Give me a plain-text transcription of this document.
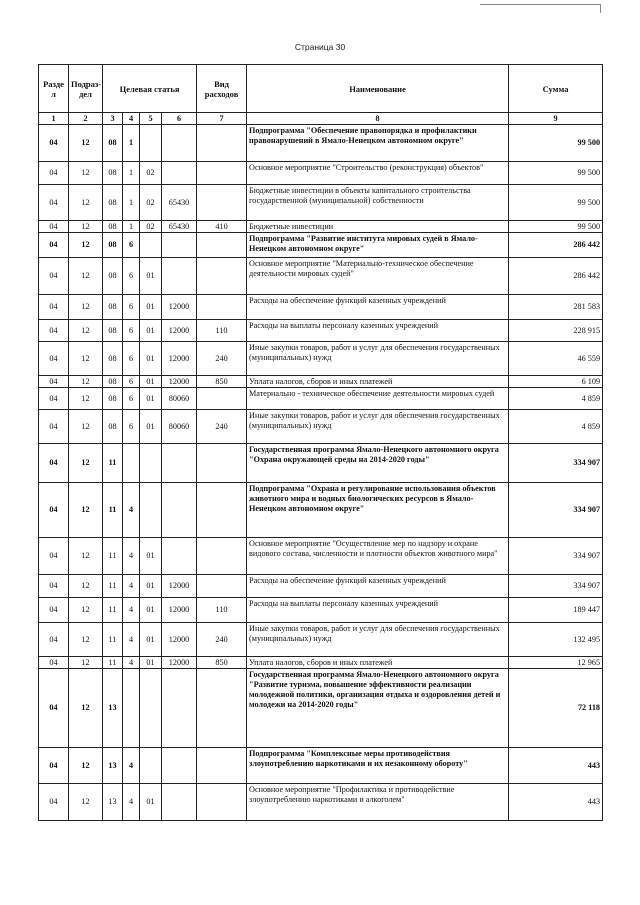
Страница 30
Разде л	Подраз- дел	Целевая статья				Вид расходов	Наименование	Сумма
1	2	3	4	5	6	7	8	9
04	12	08	1				Подпрограмма "Обеспечение правопорядка и профилактики правонарушений в Ямало-Ненецком автономном округе"	99 500
04	12	08	1	02			Основное мероприятие "Строительство (реконструкция) объектов"	99 500
04	12	08	1	02	65430		Бюджетные инвестиции в объекты капитального строительства государственной (муниципальной) собственности	99 500
04	12	08	1	02	65430	410	Бюджетные инвестиции	99 500
04	12	08	6				Подпрограмма "Развитие института мировых судей в Ямало-Ненецком автономном округе"	286 442
04	12	08	6	01			Основное мероприятие "Материально-техническое обеспечение деятельности мировых судей"	286 442
04	12	08	6	01	12000		Расходы на обеспечение функций казенных учреждений	281 583
04	12	08	6	01	12000	110	Расходы на выплаты персоналу казенных учреждений	228 915
04	12	08	6	01	12000	240	Иные закупки товаров, работ и услуг для обеспечения государственных (муниципальных) нужд	46 559
04	12	08	6	01	12000	850	Уплата налогов, сборов и иных платежей	6 109
04	12	08	6	01	80060		Материально - техническое обеспечение деятельности мировых судей	4 859
04	12	08	6	01	80060	240	Иные закупки товаров, работ и услуг для обеспечения государственных (муниципальных) нужд	4 859
04	12	11					Государственная программа Ямало-Ненецкого автономного округа "Охрана окружающей среды на 2014-2020 годы"	334 907
04	12	11	4				Подпрограмма "Охрана и регулирование использования объектов животного мира и водных биологических ресурсов в Ямало-Ненецком автономном округе"	334 907
04	12	11	4	01			Основное мероприятие "Осуществление мер по надзору и охране видового состава, численности и плотности объектов животного мира"	334 907
04	12	11	4	01	12000		Расходы на обеспечение функций казенных учреждений	334 907
04	12	11	4	01	12000	110	Расходы на выплаты персоналу казенных учреждений	189 447
04	12	11	4	01	12000	240	Иные закупки товаров, работ и услуг для обеспечения государственных (муниципальных) нужд	132 495
04	12	11	4	01	12000	850	Уплата налогов, сборов и иных платежей	12 965
04	12	13					Государственная программа Ямало-Ненецкого автономного округа "Развитие туризма, повышение эффективности реализации молодежной политики, организация отдыха и оздоровления детей и молодежи на 2014-2020 годы"	72 118
04	12	13	4				Подпрограмма "Комплексные меры противодействия злоупотреблению наркотиками и их незаконному обороту"	443
04	12	13	4	01			Основное мероприятие "Профилактика и противодействие злоупотреблению наркотиками и алкоголем"	443
